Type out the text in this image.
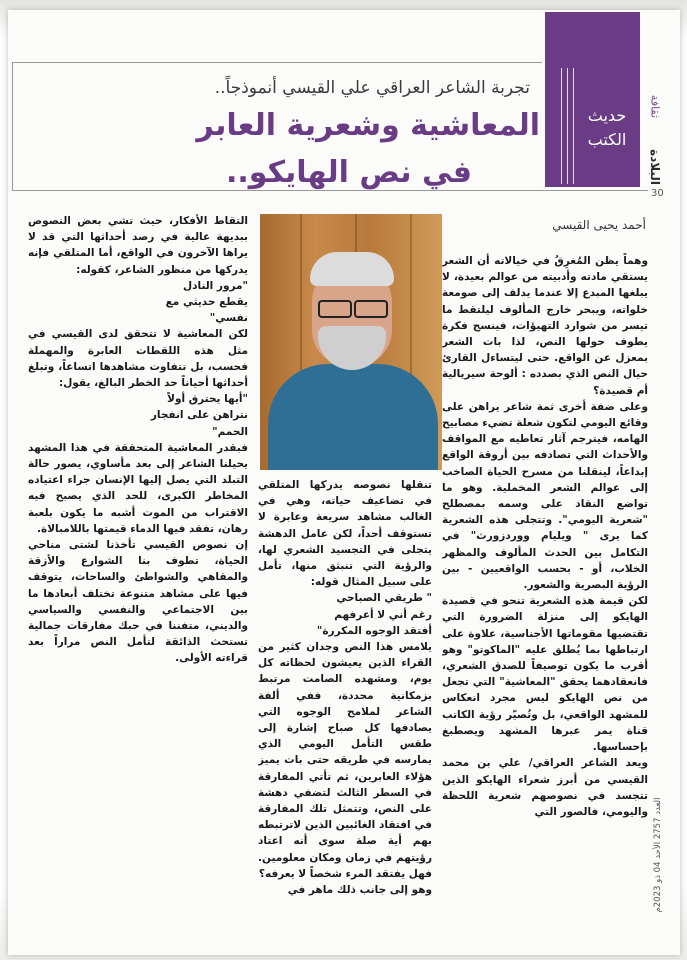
حديث الكتب
ثقافة
البلادة
30
تجربة الشاعر العراقي علي القيسي أنموذجاً..
المعاشية وشعرية العابر
في نص الهايكو..
أحمد يحيى القيسي

وهماً يظن المُغرِقُ في خيالاته أن الشعر يستقي مادته وأدبيته من عوالم بعيدة، لا يبلغها المبدع إلا عندما يدلف إلى صومعة خلواته، ويبحر خارج المألوف ليلتقط ما تيسر من شوارد التهيؤات، فينسج فكرة يطوف حولها النص، لذا بات الشعر بمعزل عن الواقع. حتى ليتساءل القارئ حيال النص الذي بصدده : ألوحة سيريالية أم قصيدة؟

وعلى ضفة أخرى ثمة شاعر يراهن على وقائع اليومي لتكون شعلة تضيء مصابيح الهامه، فيترجم آثار تعاطيه مع المواقف والأحداث التي تصادفه بين أروقة الواقع إبداعاً، لينقلنا من مسرح الحياة الصاخب إلى عوالم الشعر المخملية. وهو ما تواضع النقاد على وسمه بمصطلح "شعرية اليومي". وتتجلى هذه الشعرية كما يرى " ويليام ووردزورث" في التكامل بين الحدث المألوف والمظهر الخلاب، أو - بحسب الواقعيين - بين الرؤية البصرية والشعور.

لكن قيمة هذه الشعرية تنحو في قصيدة الهايكو إلى منزلة الضرورة التي تقتضيها مقوماتها الأجناسية، علاوة على ارتباطها بما يُطلق عليه "الماكوتو" وهو أقرب ما يكون توصيفاً للصدق الشعري، فانعقادهما يحقق "المعاشية" التي تجعل من نص الهايكو ليس مجرد انعكاس للمشهد الواقعي، بل وتُصيّر رؤية الكاتب قناة يمر عبرها المشهد ويصطبغ بإحساسها.

ويعد الشاعر العراقي/ علي بن محمد القيسي من أبرز شعراء الهايكو الذين تتجسد في نصوصهم شعرية اللحظة واليومي، فالصور التي

تنقلها نصوصه يدركها المتلقي في تضاعيف حياته، وهي في الغالب مشاهد سريعة وعابرة لا تستوقف أحداً، لكن عامل الدهشة يتجلى في التجسيد الشعري لها، والرؤية التي تنبثق منها، تأمل على سبيل المثال قوله:

" طريقي الصباحي

رغم أني لا أعرفهم

أفتقد الوجوه المكررة"

يلامس هذا النص وجدان كثير من القراء الذين يعيشون لحظاته كل يوم، ومشهده الصامت مرتبط بزمكانية محددة، ففي ألفة الشاعر لملامح الوجوه التي يصادفها كل صباح إشارة إلى طقس التأمل اليومي الذي يمارسه في طريقه حتى بات يميز هؤلاء العابرين، ثم تأتي المفارقة في السطر الثالث لتضفي دهشة على النص، وتتمثل تلك المفارقة في افتقاد الغائبين الذين لاترتبطه بهم أية صلة سوى أنه اعتاد رؤيتهم في زمان ومكان معلومين. فهل يفتقد المرء شخصاً لا يعرفه؟

وهو إلى جانب ذلك ماهر في

التقاط الأفكار، حيث تشي بعض النصوص ببديهة عالية في رصد أحداثها التي قد لا يراها الآخرون في الواقع، أما المتلقي فإنه يدركها من منظور الشاعر، كقوله:

"مرور النادل

يقطع حديثي مع

نفسي"

لكن المعاشية لا تتحقق لدى القيسي في مثل هذه اللقطات العابرة والمهملة فحسب، بل تتفاوت مشاهدها اتساعاً، وتبلغ أحداثها أحياناً حد الخطر البالغ، يقول:

"أيها يحترق أولاً

نتراهن على انفجار

الحمم"

فبقدر المعاشية المتحققة في هذا المشهد يحيلنا الشاعر إلى بعد مأساوي، يصور حالة التبلد التي يصل إليها الإنسان جراء اعتياده المخاطر الكبرى، للحد الذي يصبح فيه الاقتراب من الموت أشبه ما يكون بلعبة رهان، تفقد فيها الدماء قيمتها باللامبالاة.

إن نصوص القيسي تأخذنا لشتى مناحي الحياة، تطوف بنا الشوارع والأزقة والمقاهي والشواطئ والساحات، يتوقف فيها على مشاهد متنوعة تختلف أبعادها ما بين الاجتماعي والنفسي والسياسي والديني، متفننا في حبك مفارقات جمالية تستحث الذائقة لتأمل النص مراراً بعد قراءته الأولى.

العدد 2757 الأحد 04 ذو 2023م
